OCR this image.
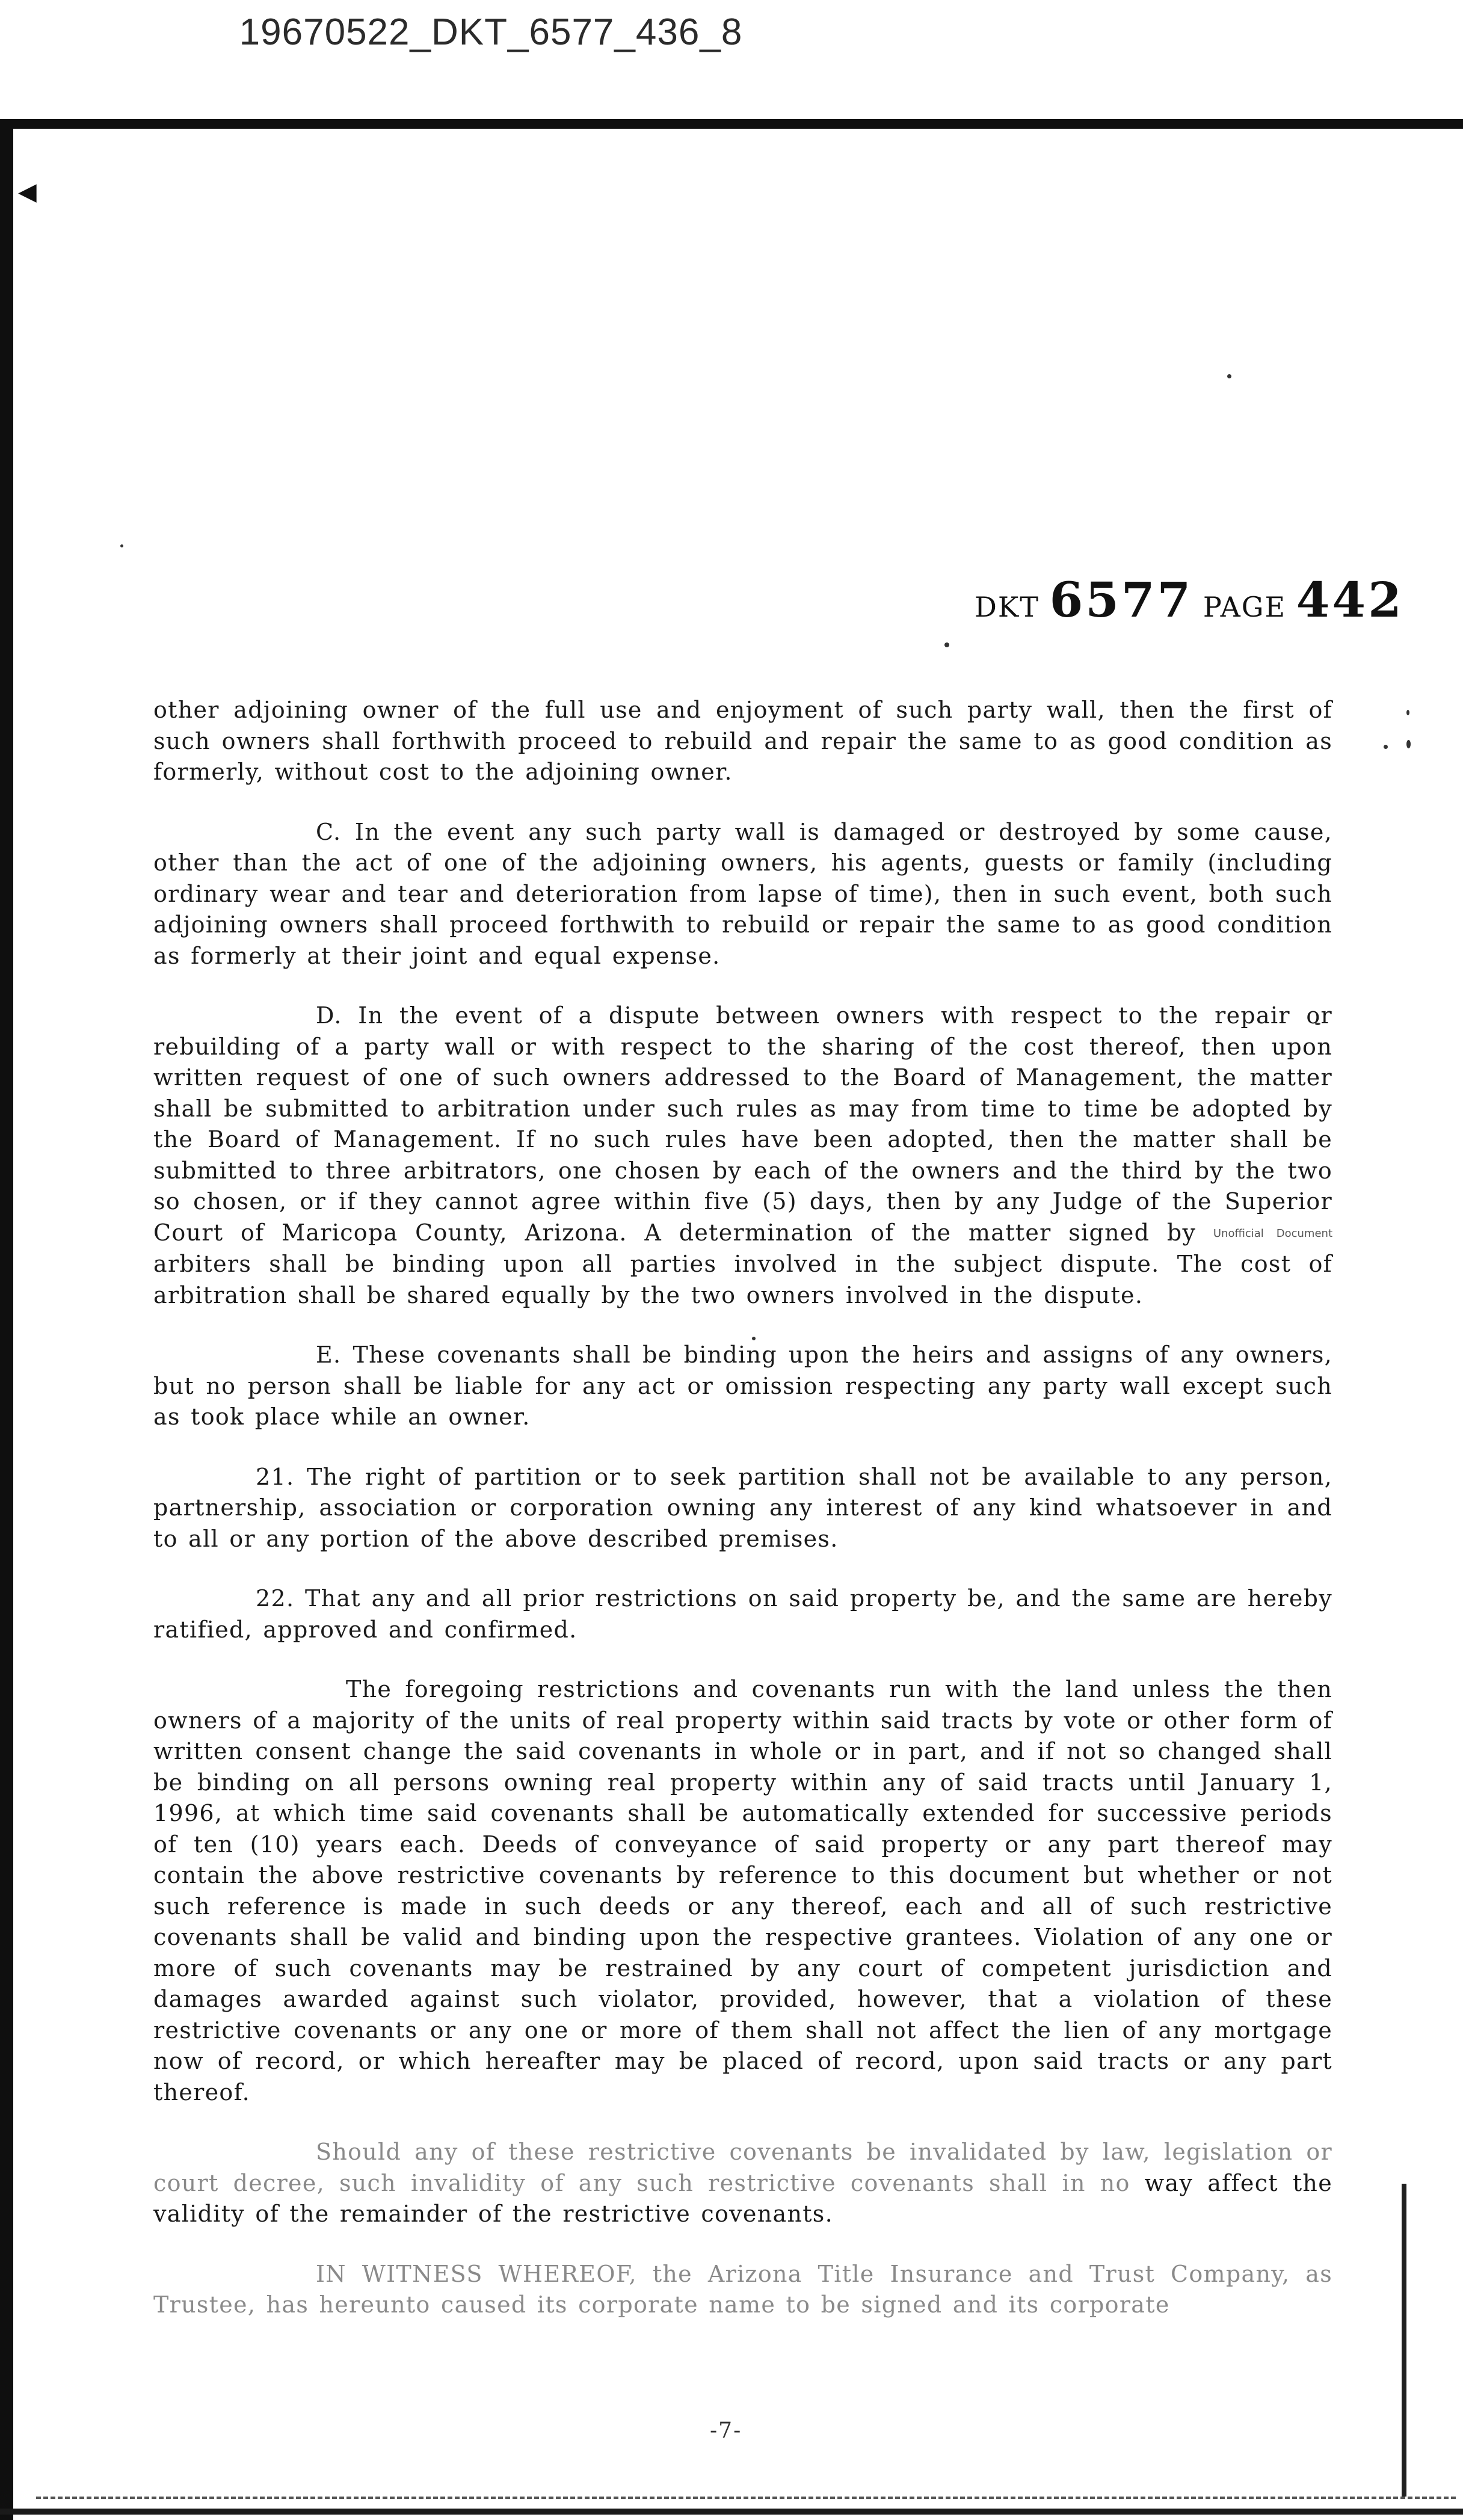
19670522_DKT_6577_436_8
◀
DKT 6577 PAGE 442

other adjoining owner of the full use and enjoyment of such party wall, then the first of such owners shall forthwith proceed to rebuild and repair the same to as good condition as formerly, without cost to the adjoining owner.

C. In the event any such party wall is damaged or destroyed by some cause, other than the act of one of the adjoining owners, his agents, guests or family (including ordinary wear and tear and deterioration from lapse of time), then in such event, both such adjoining owners shall proceed forthwith to rebuild or repair the same to as good condition as formerly at their joint and equal expense.

D. In the event of a dispute between owners with respect to the repair or rebuilding of a party wall or with respect to the sharing of the cost thereof, then upon written request of one of such owners addressed to the Board of Management, the matter shall be submitted to arbitration under such rules as may from time to time be adopted by the Board of Management. If no such rules have been adopted, then the matter shall be submitted to three arbitrators, one chosen by each of the owners and the third by the two so chosen, or if they cannot agree within five (5) days, then by any Judge of the Superior Court of Maricopa County, Arizona. A determination of the matter signed by Unofficial Document arbiters shall be binding upon all parties involved in the subject dispute. The cost of arbitration shall be shared equally by the two owners involved in the dispute.

E. These covenants shall be binding upon the heirs and assigns of any owners, but no person shall be liable for any act or omission respecting any party wall except such as took place while an owner.

21. The right of partition or to seek partition shall not be available to any person, partnership, association or corporation owning any interest of any kind whatsoever in and to all or any portion of the above described premises.

22. That any and all prior restrictions on said property be, and the same are hereby ratified, approved and confirmed.

The foregoing restrictions and covenants run with the land unless the then owners of a majority of the units of real property within said tracts by vote or other form of written consent change the said covenants in whole or in part, and if not so changed shall be binding on all persons owning real property within any of said tracts until January 1, 1996, at which time said covenants shall be automatically extended for successive periods of ten (10) years each. Deeds of conveyance of said property or any part thereof may contain the above restrictive covenants by reference to this document but whether or not such reference is made in such deeds or any thereof, each and all of such restrictive covenants shall be valid and binding upon the respective grantees. Violation of any one or more of such covenants may be restrained by any court of competent jurisdiction and damages awarded against such violator, provided, however, that a violation of these restrictive covenants or any one or more of them shall not affect the lien of any mortgage now of record, or which hereafter may be placed of record, upon said tracts or any part thereof.

Should any of these restrictive covenants be invalidated by law, legislation or court decree, such invalidity of any such restrictive covenants shall in no way affect the validity of the remainder of the restrictive covenants.

IN WITNESS WHEREOF, the Arizona Title Insurance and Trust Company, as Trustee, has hereunto caused its corporate name to be signed and its corporate

-7-
